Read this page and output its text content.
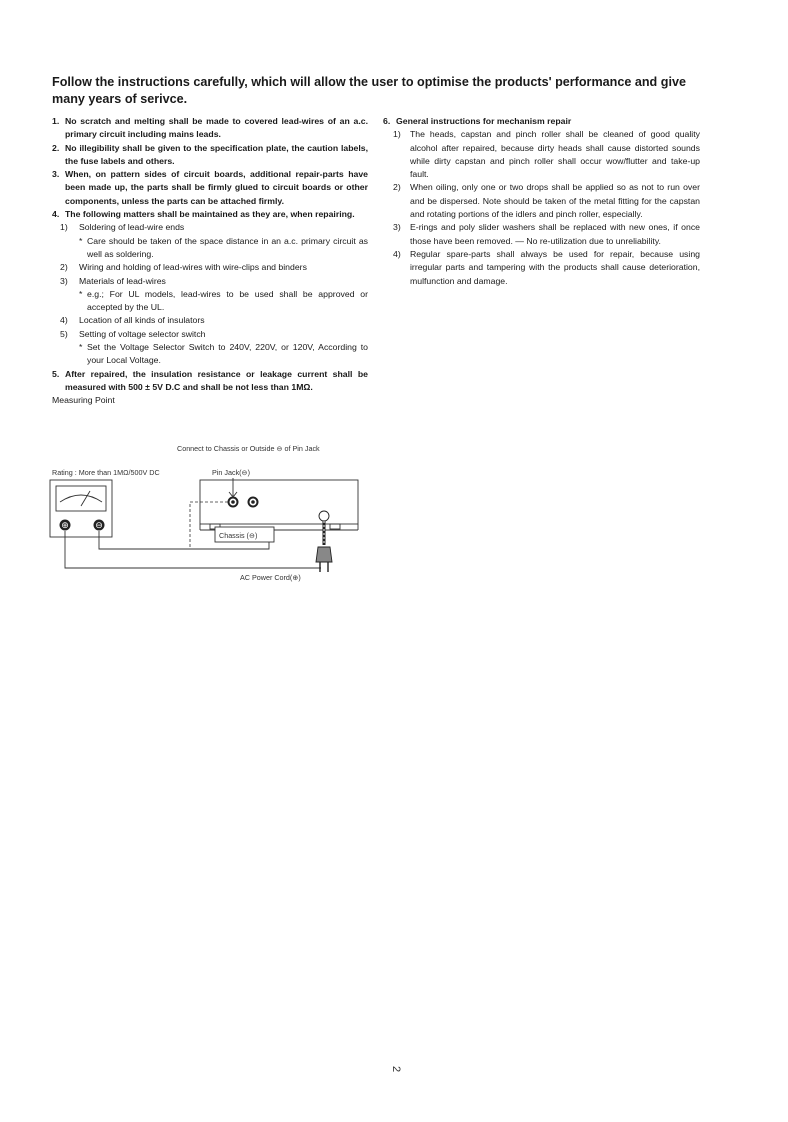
Follow the instructions carefully, which will allow the user to optimise the products' performance and give many years of serivce.

1. No scratch and melting shall be made to covered lead-wires of an a.c. primary circuit including mains leads.

2. No illegibility shall be given to the specification plate, the caution labels, the fuse labels and others.

3. When, on pattern sides of circuit boards, additional repair-parts have been made up, the parts shall be firmly glued to circuit boards or other components, unless the parts can be attached firmly.

4. The following matters shall be maintained as they are, when repairing.

1)	Soldering of lead-wire ends

* Care should be taken of the space distance in an a.c. primary circuit as well as soldering.

2)	Wiring and holding of lead-wires with wire-clips and binders

3)	Materials of lead-wires

* e.g.; For UL models, lead-wires to be used shall be approved or accepted by the UL.

4)	Location of all kinds of insulators

5)	Setting of voltage selector switch

* Set the Voltage Selector Switch to 240V, 220V, or 120V, According to your Local Voltage.

5. After repaired, the insulation resistance or leakage current shall be measured with 500 ± 5V D.C and shall be not less than 1MΩ.

Measuring Point

6. General instructions for mechanism repair

1)	The heads, capstan and pinch roller shall be cleaned of good quality alcohol after repaired, because dirty heads shall cause distorted sounds while dirty capstan and pinch roller shall occur wow/flutter and take-up fault.

2)	When oiling, only one or two drops shall be applied so as not to run over and be dispersed. Note should be taken of the metal fitting for the capstan and rotating portions of the idlers and pinch roller, especially.

3)	E-rings and poly slider washers shall be replaced with new ones, if once those have been removed. — No re-utilization due to unreliability.

4)	Regular spare-parts shall always be used for repair, because using irregular parts and tampering with the products shall cause deterioration, mulfunction and damage.

Connect to Chassis or Outside ⊖ of Pin Jack
Rating : More than 1MΩ/500V DC	Pin Jack(⊖)
⊕	⊖
Chassis (⊖)
AC Power Cord(⊕)
2
